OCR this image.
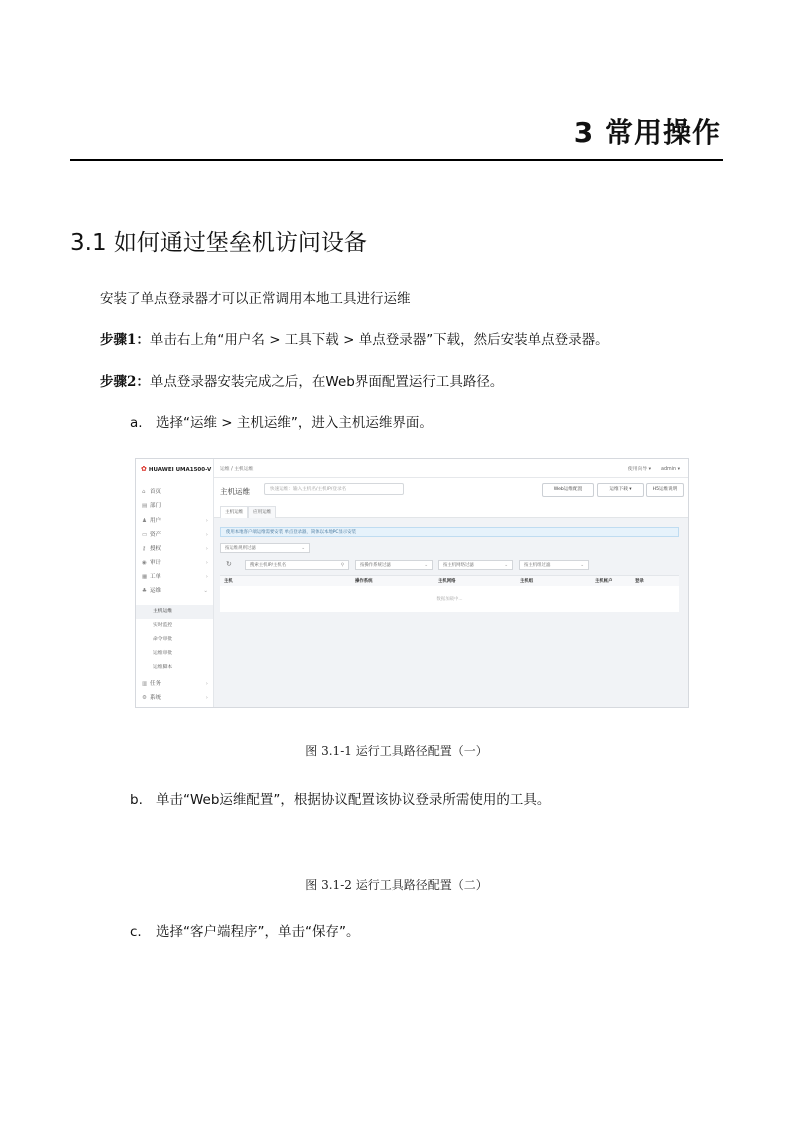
3 常用操作
3.1 如何通过堡垒机访问设备
安装了单点登录器才可以正常调用本地工具进行运维
步骤1：单击右上角“用户名 > 工具下载 > 单点登录器”下载，然后安装单点登录器。
步骤2：单点登录器安装完成之后，在Web界面配置运行工具路径。
a. 选择“运维 > 主机运维”，进入主机运维界面。
✿ HUAWEI UMA1500-V
⌂ 首页
▤ 部门
♟ 用户	›
▭ 资产	›
⚷ 授权	›
◉ 审计	›
▦ 工单	›
♣ 运维	⌄
主机运维
实时监控
命令审批
运维审批
运维脚本
▥ 任务	›
⚙ 系统	›
运维 / 主机运维	使用向导 ▾ admin ▾
主机运维	快速运维：输入主机名/主机IP/登录名	Web运维配置	运维下载 ▾	H5运维说明
主机运维	应用运维
使用本地客户端运维需要安装 单点登录器，简体以本地PC显示安装
按运维规则过滤	⌄
↻	搜索主机IP/主机名	⚲	按操作系统过滤	⌄	按主机网络过滤	⌄	按主机组过滤	⌄
主机	操作系统	主机网络	主机组	主机帐户	登录
数据加载中...
图 3.1-1 运行工具路径配置（一）
b. 单击“Web运维配置”，根据协议配置该协议登录所需使用的工具。
图 3.1-2 运行工具路径配置（二）
c. 选择“客户端程序”，单击“保存”。
